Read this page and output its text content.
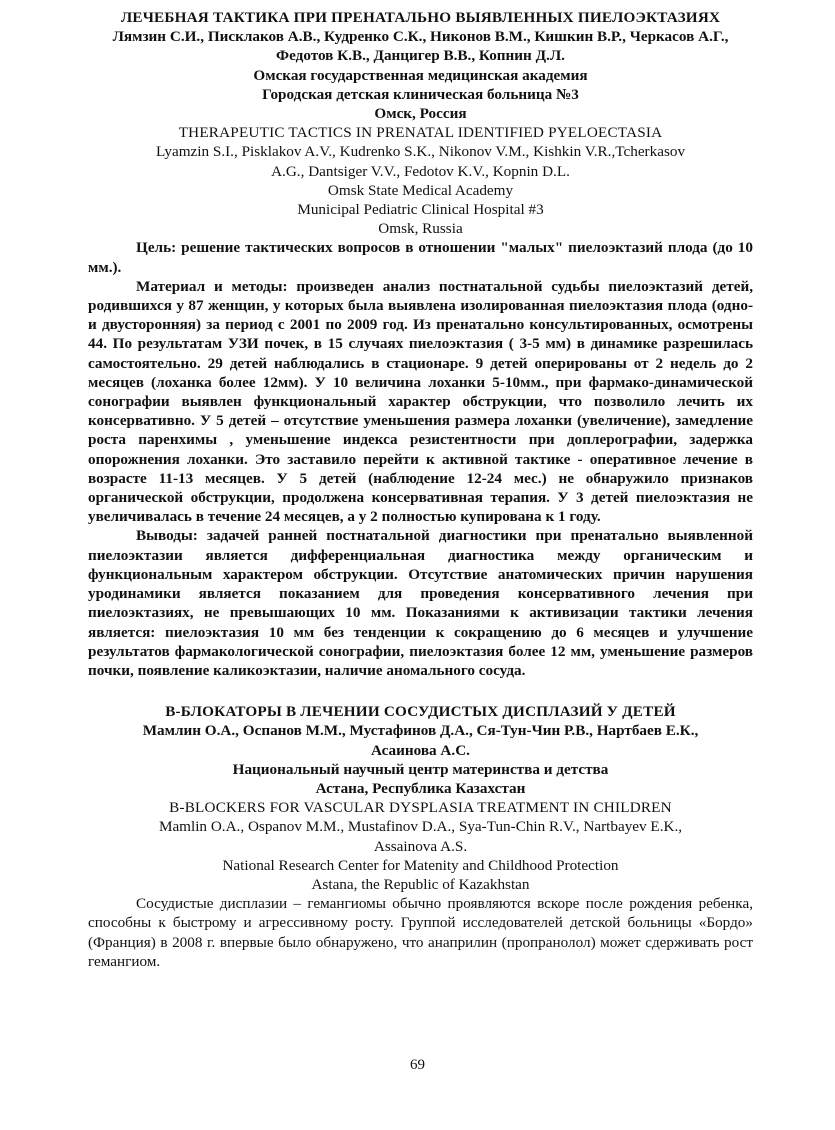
ЛЕЧЕБНАЯ ТАКТИКА ПРИ ПРЕНАТАЛЬНО ВЫЯВЛЕННЫХ ПИЕЛОЭКТАЗИЯХ
Лямзин С.И., Писклаков А.В., Кудренко С.К., Никонов В.М., Кишкин В.Р., Черкасов А.Г.,
Федотов К.В., Данцигер В.В., Копнин Д.Л.
Омская государственная медицинская академия
Городская детская клиническая больница №3
Омск, Россия
THERAPEUTIC TACTICS IN PRENATAL IDENTIFIED PYELOECTASIA
Lyamzin S.I., Pisklakov A.V., Kudrenko S.K., Nikonov V.M., Kishkin V.R.,Tcherkasov
A.G., Dantsiger V.V., Fedotov K.V., Kopnin D.L.
Omsk State Medical Academy
Municipal Pediatric Clinical Hospital #3
Omsk, Russia

Цель: решение тактических вопросов в отношении "малых" пиелоэктазий плода (до 10 мм.).

Материал и методы: произведен анализ постнатальной судьбы пиелоэктазий детей, родившихся у 87 женщин, у которых была выявлена изолированная пиелоэктазия плода (одно- и двусторонняя) за период с 2001 по 2009 год. Из пренатально консультированных, осмотрены 44. По результатам УЗИ почек, в 15 случаях пиелоэктазия ( 3-5 мм) в динамике разрешилась самостоятельно. 29 детей наблюдались в стационаре. 9 детей оперированы от 2 недель до 2 месяцев (лоханка более 12мм). У 10 величина лоханки 5-10мм., при фармако-динамической сонографии выявлен функциональный характер обструкции, что позволило лечить их консервативно. У 5 детей – отсутствие уменьшения размера лоханки (увеличение), замедление роста паренхимы , уменьшение индекса резистентности при доплерографии, задержка опорожнения лоханки. Это заставило перейти к активной тактике - оперативное лечение в возрасте 11-13 месяцев. У 5 детей (наблюдение 12-24 мес.) не обнаружило признаков органической обструкции, продолжена консервативная терапия. У 3 детей пиелоэктазия не увеличивалась в течение 24 месяцев, а у 2 полностью купирована к 1 году.

Выводы: задачей ранней постнатальной диагностики при пренатально выявленной пиелоэктазии является дифференциальная диагностика между органическим и функциональным характером обструкции. Отсутствие анатомических причин нарушения уродинамики является показанием для проведения консервативного лечения при пиелоэктазиях, не превышающих 10 мм. Показаниями к активизации тактики лечения является: пиелоэктазия 10 мм без тенденции к сокращению до 6 месяцев и улучшение результатов фармакологической сонографии, пиелоэктазия более 12 мм, уменьшение размеров почки, появление каликоэктазии, наличие аномального сосуда.

B-БЛОКАТОРЫ В ЛЕЧЕНИИ СОСУДИСТЫХ ДИСПЛАЗИЙ У ДЕТЕЙ
Мамлин О.А., Оспанов М.М., Мустафинов Д.А., Ся-Тун-Чин Р.В., Нартбаев Е.К.,
Асаинова А.С.
Национальный научный центр материнства и детства
Астана, Республика Казахстан
B-BLOCKERS FOR VASCULAR DYSPLASIA TREATMENT IN CHILDREN
Mamlin O.A., Ospanov M.M., Mustafinov D.A., Sya-Tun-Chin R.V., Nartbayev E.K.,
Assainova A.S.
National Research Center for Matenity and Childhood Protection
Astana, the Republic of Kazakhstan

Сосудистые дисплазии – гемангиомы обычно проявляются вскоре после рождения ребенка, способны к быстрому и агрессивному росту. Группой исследователей детской больницы «Бордо» (Франция) в 2008 г. впервые было обнаружено, что анаприлин (пропранолол) может сдерживать рост гемангиом.

69
